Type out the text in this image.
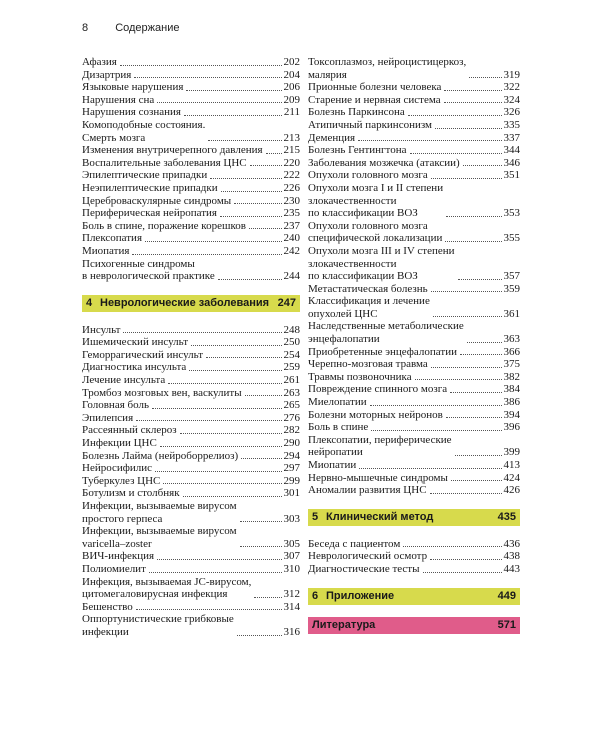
8 Содержание
Афазия	202
Дизартрия	204
Языковые нарушения	206
Нарушения сна	209
Нарушения сознания	211
Комоподобные состояния.
Смерть мозга	213
Изменения внутричерепного давления 215
Воспалительные заболевания ЦНС	220
Эпилептические припадки	222
Неэпилептические припадки	226
Цереброваскулярные синдромы	230
Периферическая нейропатия	235
Боль в спине, поражение корешков	237
Плексопатия	240
Миопатия	242
Психогенные синдромы
в неврологической практике	244
4 Неврологические заболевания 247
Инсульт	248
Ишемический инсульт	250
Геморрагический инсульт	254
Диагностика инсульта	259
Лечение инсульта	261
Тромбоз мозговых вен, васкулиты	263
Головная боль	265
Эпилепсия	276
Рассеянный склероз	282
Инфекции ЦНС	290
Болезнь Лайма (нейроборрелиоз)	294
Нейросифилис	297
Туберкулез ЦНС	299
Ботулизм и столбняк	301
Инфекции, вызываемые вирусом
простого герпеса	303
Инфекции, вызываемые вирусом
varicella–zoster	305
ВИЧ-инфекция	307
Полиомиелит	310
Инфекция, вызываемая JC-вирусом,
цитомегаловирусная инфекция	312
Бешенство	314
Оппортунистические грибковые
инфекции	316
Токсоплазмоз, нейроцистицеркоз,
малярия	319
Прионные болезни человека	322
Старение и нервная система	324
Болезнь Паркинсона	326
Атипичный паркинсонизм	335
Деменция	337
Болезнь Гентингтона	344
Заболевания мозжечка (атаксии)	346
Опухоли головного мозга	351
Опухоли мозга I и II степени
злокачественности
по классификации ВОЗ	353
Опухоли головного мозга
специфической локализации	355
Опухоли мозга III и IV степени
злокачественности
по классификации ВОЗ	357
Метастатическая болезнь	359
Классификация и лечение
опухолей ЦНС	361
Наследственные метаболические
энцефалопатии	363
Приобретенные энцефалопатии	366
Черепно-мозговая травма	375
Травмы позвоночника	382
Повреждение спинного мозга	384
Миелопатии	386
Болезни моторных нейронов	394
Боль в спине	396
Плексопатии, периферические
нейропатии	399
Миопатии	413
Нервно-мышечные синдромы	424
Аномалии развития ЦНС	426
5 Клинический метод	435
Беседа с пациентом	436
Неврологический осмотр	438
Диагностические тесты	443
6 Приложение	449
Литература	571
